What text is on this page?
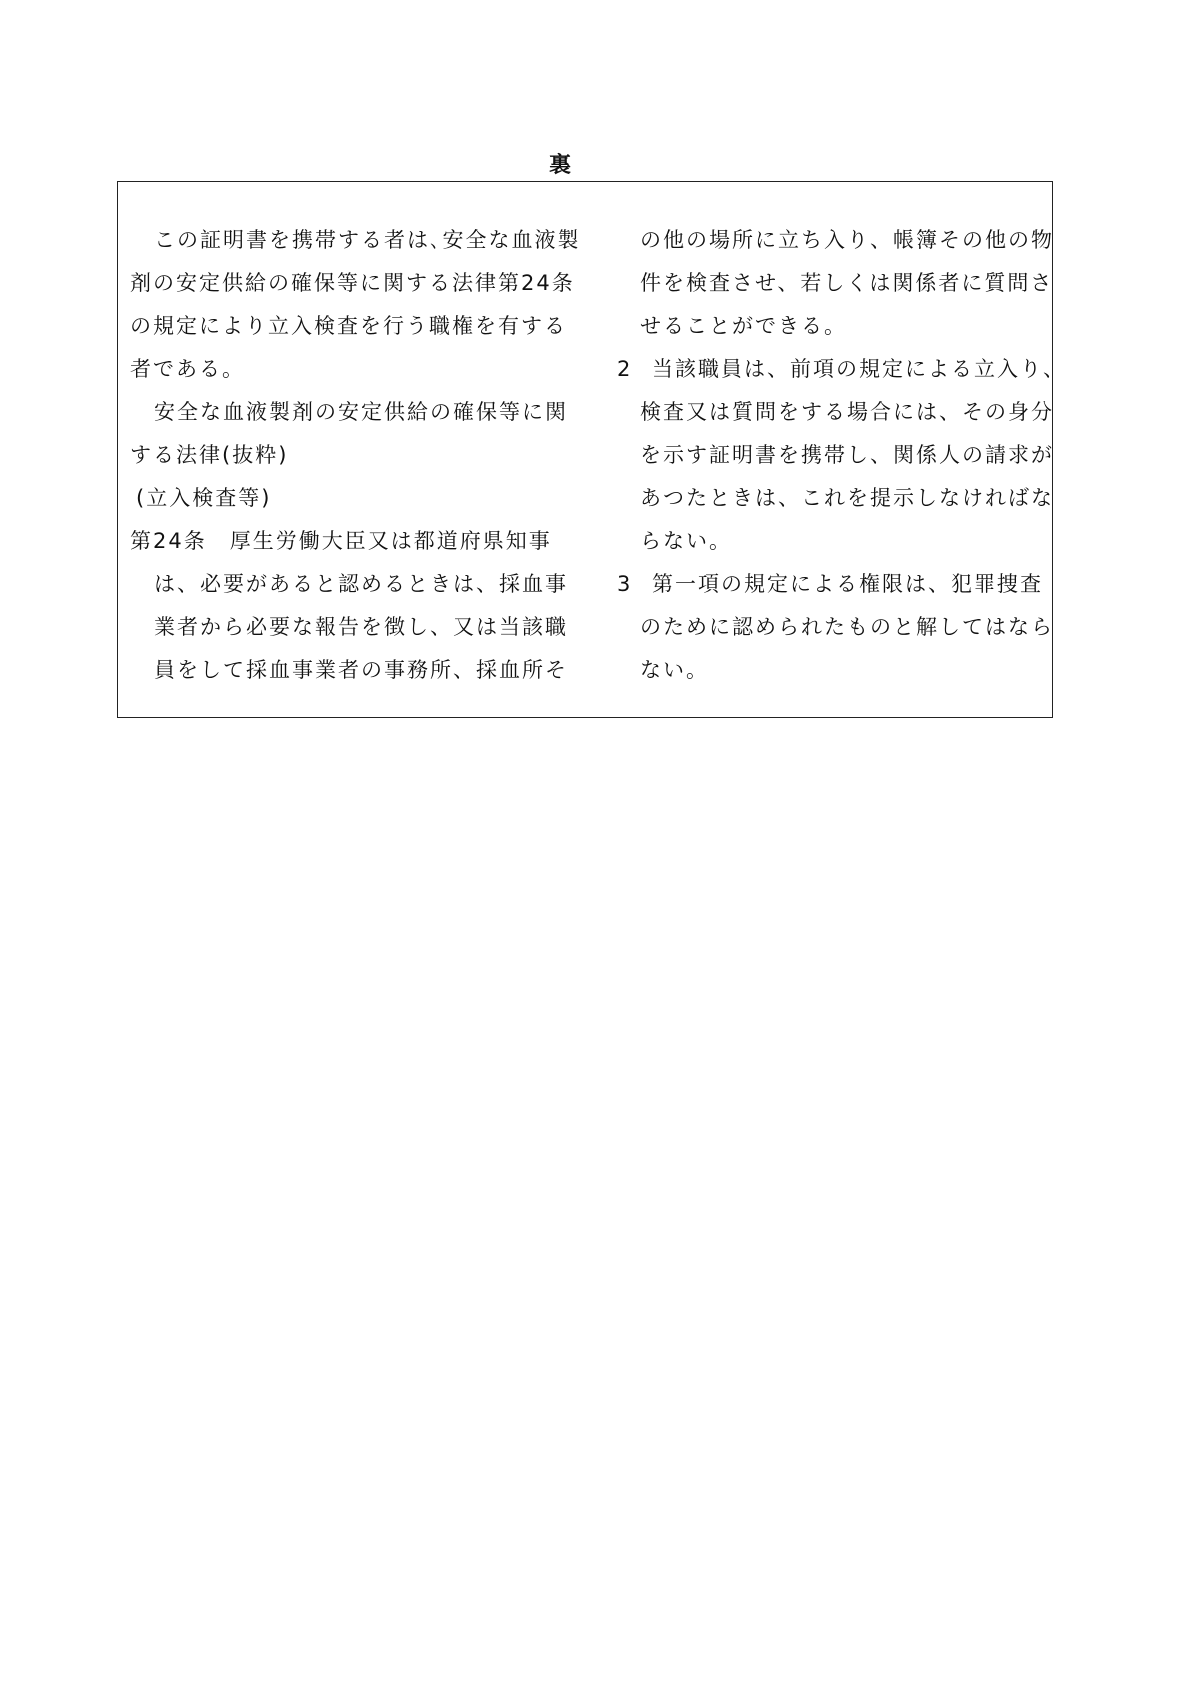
裏
この証明書を携帯する者は､安全な血液製
剤の安定供給の確保等に関する法律第24条
の規定により立入検査を行う職権を有する
者である。
安全な血液製剤の安定供給の確保等に関
する法律(抜粋)
(立入検査等)
第24条　厚生労働大臣又は都道府県知事
は、必要があると認めるときは、採血事
業者から必要な報告を徴し、又は当該職
員をして採血事業者の事務所、採血所そ
の他の場所に立ち入り、帳簿その他の物
件を検査させ、若しくは関係者に質問さ
せることができる。
2 当該職員は、前項の規定による立入り、
検査又は質問をする場合には、その身分
を示す証明書を携帯し、関係人の請求が
あつたときは、これを提示しなければな
らない。
3 第一項の規定による権限は、犯罪捜査
のために認められたものと解してはなら
ない。
